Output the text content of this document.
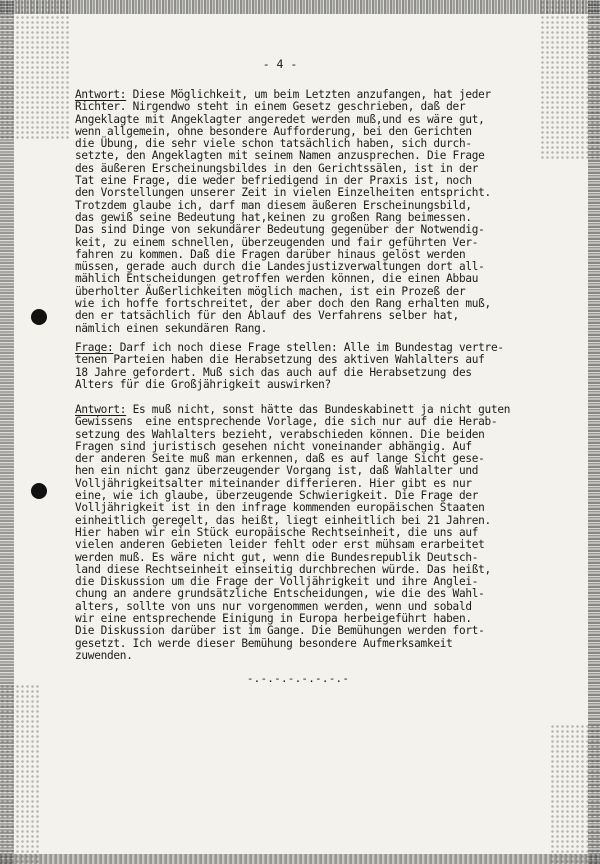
- 4 -
Antwort: Diese Möglichkeit, um beim Letzten anzufangen, hat jeder
Richter. Nirgendwo steht in einem Gesetz geschrieben, daß der
Angeklagte mit Angeklagter angeredet werden muß,und es wäre gut,
wenn allgemein, ohne besondere Aufforderung, bei den Gerichten
die Übung, die sehr viele schon tatsächlich haben, sich durch-
setzte, den Angeklagten mit seinem Namen anzusprechen. Die Frage
des äußeren Erscheinungsbildes in den Gerichtssälen, ist in der
Tat eine Frage, die weder befriedigend in der Praxis ist, noch
den Vorstellungen unserer Zeit in vielen Einzelheiten entspricht.
Trotzdem glaube ich, darf man diesem äußeren Erscheinungsbild,
das gewiß seine Bedeutung hat,keinen zu großen Rang beimessen.
Das sind Dinge von sekundärer Bedeutung gegenüber der Notwendig-
keit, zu einem schnellen, überzeugenden und fair geführten Ver-
fahren zu kommen. Daß die Fragen darüber hinaus gelöst werden
müssen, gerade auch durch die Landesjustizverwaltungen dort all-
mählich Entscheidungen getroffen werden können, die einen Abbau
überholter Äußerlichkeiten möglich machen, ist ein Prozeß der
wie ich hoffe fortschreitet, der aber doch den Rang erhalten muß,
den er tatsächlich für den Ablauf des Verfahrens selber hat,
nämlich einen sekundären Rang.
Frage: Darf ich noch diese Frage stellen: Alle im Bundestag vertre-
tenen Parteien haben die Herabsetzung des aktiven Wahlalters auf
18 Jahre gefordert. Muß sich das auch auf die Herabsetzung des
Alters für die Großjährigkeit auswirken?
Antwort: Es muß nicht, sonst hätte das Bundeskabinett ja nicht guten
Gewissens  eine entsprechende Vorlage, die sich nur auf die Herab-
setzung des Wahlalters bezieht, verabschieden können. Die beiden
Fragen sind juristisch gesehen nicht voneinander abhängig. Auf
der anderen Seite muß man erkennen, daß es auf lange Sicht gese-
hen ein nicht ganz überzeugender Vorgang ist, daß Wahlalter und
Volljährigkeitsalter miteinander differieren. Hier gibt es nur
eine, wie ich glaube, überzeugende Schwierigkeit. Die Frage der
Volljährigkeit ist in den infrage kommenden europäischen Staaten
einheitlich geregelt, das heißt, liegt einheitlich bei 21 Jahren.
Hier haben wir ein Stück europäische Rechtseinheit, die uns auf
vielen anderen Gebieten leider fehlt oder erst mühsam erarbeitet
werden muß. Es wäre nicht gut, wenn die Bundesrepublik Deutsch-
land diese Rechtseinheit einseitig durchbrechen würde. Das heißt,
die Diskussion um die Frage der Volljährigkeit und ihre Anglei-
chung an andere grundsätzliche Entscheidungen, wie die des Wahl-
alters, sollte von uns nur vorgenommen werden, wenn und sobald
wir eine entsprechende Einigung in Europa herbeigeführt haben.
Die Diskussion darüber ist im Gange. Die Bemühungen werden fort-
gesetzt. Ich werde dieser Bemühung besondere Aufmerksamkeit
zuwenden.
-.-.-.-.-.-.-.-
